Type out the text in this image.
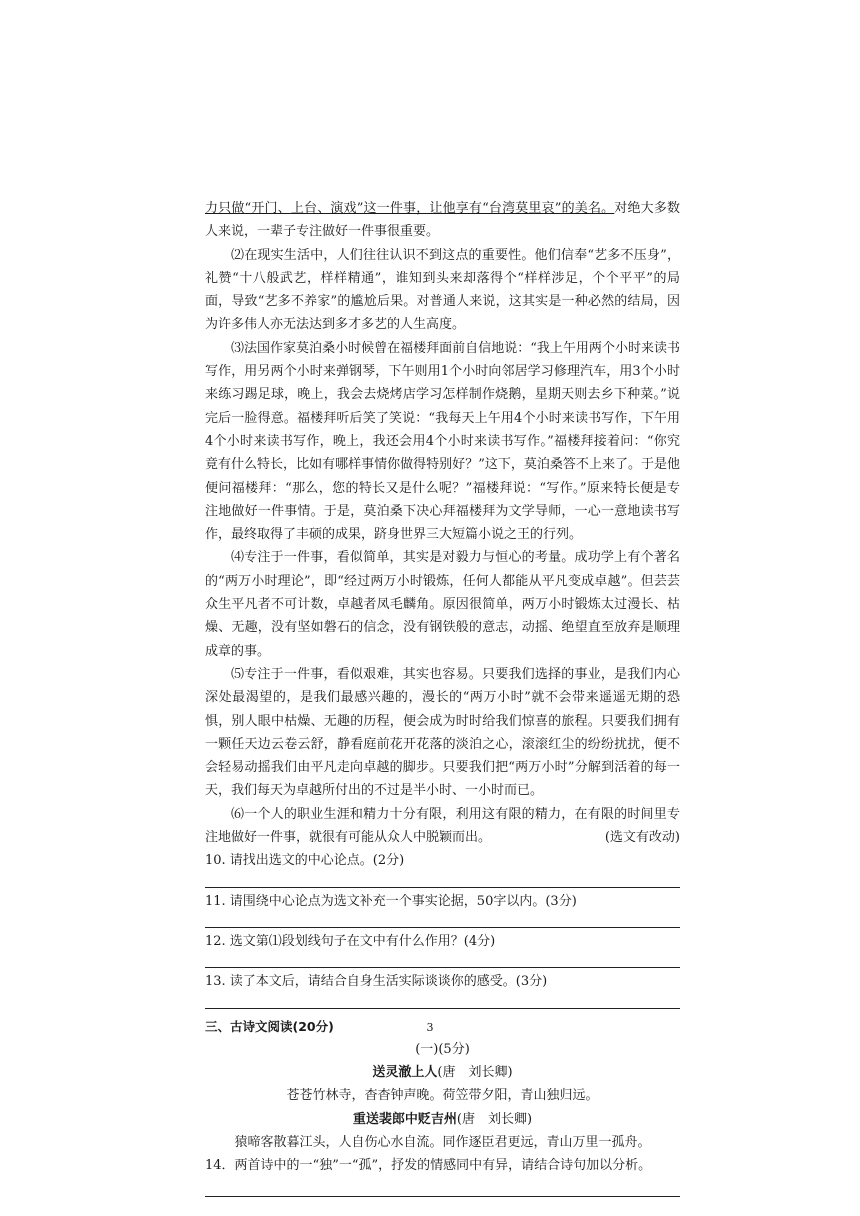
力只做“开门、上台、演戏”这一件事，让他享有“台湾莫里哀”的美名。对绝大多数人来说，一辈子专注做好一件事很重要。

⑵在现实生活中，人们往往认识不到这点的重要性。他们信奉“艺多不压身”，礼赞“十八般武艺，样样精通”，谁知到头来却落得个“样样涉足，个个平平”的局面，导致“艺多不养家”的尴尬后果。对普通人来说，这其实是一种必然的结局，因为许多伟人亦无法达到多才多艺的人生高度。

⑶法国作家莫泊桑小时候曾在福楼拜面前自信地说：“我上午用两个小时来读书写作，用另两个小时来弹钢琴，下午则用1个小时向邻居学习修理汽车，用3个小时来练习踢足球，晚上，我会去烧烤店学习怎样制作烧鹅，星期天则去乡下种菜。”说完后一脸得意。福楼拜听后笑了笑说：“我每天上午用4个小时来读书写作，下午用4个小时来读书写作，晚上，我还会用4个小时来读书写作。”福楼拜接着问：“你究竟有什么特长，比如有哪样事情你做得特别好？”这下，莫泊桑答不上来了。于是他便问福楼拜：“那么，您的特长又是什么呢？”福楼拜说：“写作。”原来特长便是专注地做好一件事情。于是，莫泊桑下决心拜福楼拜为文学导师，一心一意地读书写作，最终取得了丰硕的成果，跻身世界三大短篇小说之王的行列。

⑷专注于一件事，看似简单，其实是对毅力与恒心的考量。成功学上有个著名的“两万小时理论”，即“经过两万小时锻炼，任何人都能从平凡变成卓越”。但芸芸众生平凡者不可计数，卓越者凤毛麟角。原因很简单，两万小时锻炼太过漫长、枯燥、无趣，没有坚如磐石的信念，没有钢铁般的意志，动摇、绝望直至放弃是顺理成章的事。

⑸专注于一件事，看似艰难，其实也容易。只要我们选择的事业，是我们内心深处最渴望的，是我们最感兴趣的，漫长的“两万小时”就不会带来遥遥无期的恐惧，别人眼中枯燥、无趣的历程，便会成为时时给我们惊喜的旅程。只要我们拥有一颗任天边云卷云舒，静看庭前花开花落的淡泊之心，滚滚红尘的纷纷扰扰，便不会轻易动摇我们由平凡走向卓越的脚步。只要我们把“两万小时”分解到活着的每一天，我们每天为卓越所付出的不过是半小时、一小时而已。

⑹一个人的职业生涯和精力十分有限，利用这有限的精力，在有限的时间里专注地做好一件事，就很有可能从众人中脱颖而出。	(选文有改动)

10. 请找出选文的中心论点。(2分)

11. 请围绕中心论点为选文补充一个事实论据，50字以内。(3分)

12. 选文第⑴段划线句子在文中有什么作用？(4分)

13. 读了本文后，请结合自身生活实际谈谈你的感受。(3分)

三、古诗文阅读(20分)

(一)(5分)

送灵澈上人(唐　刘长卿)

苍苍竹林寺，杳杳钟声晚。荷笠带夕阳，青山独归远。

重送裴郎中贬吉州(唐　刘长卿)

猿啼客散暮江头，人自伤心水自流。同作逐臣君更远，青山万里一孤舟。

14．两首诗中的一“独”一“孤”，抒发的情感同中有异，请结合诗句加以分析。

3
